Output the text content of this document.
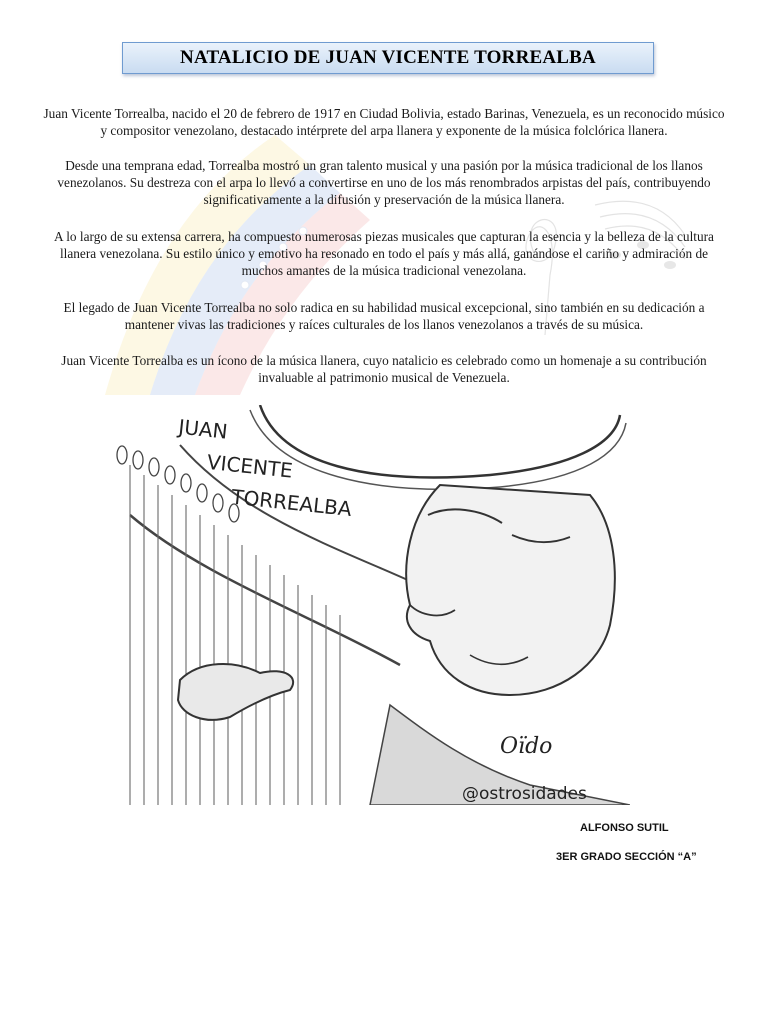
NATALICIO DE JUAN VICENTE TORREALBA

Juan Vicente Torrealba, nacido el 20 de febrero de 1917 en Ciudad Bolivia, estado Barinas, Venezuela, es un reconocido músico y compositor venezolano, destacado intérprete del arpa llanera y exponente de la música folclórica llanera.

Desde una temprana edad, Torrealba mostró un gran talento musical y una pasión por la música tradicional de los llanos venezolanos. Su destreza con el arpa lo llevó a convertirse en uno de los más renombrados arpistas del país, contribuyendo significativamente a la difusión y preservación de la música llanera.

A lo largo de su extensa carrera, ha compuesto numerosas piezas musicales que capturan la esencia y la belleza de la cultura llanera venezolana. Su estilo único y emotivo ha resonado en todo el país y más allá, ganándose el cariño y admiración de muchos amantes de la música tradicional venezolana.

El legado de Juan Vicente Torrealba no solo radica en su habilidad musical excepcional, sino también en su dedicación a mantener vivas las tradiciones y raíces culturales de los llanos venezolanos a través de su música.

Juan Vicente Torrealba es un ícono de la música llanera, cuyo natalicio es celebrado como un homenaje a su contribución invaluable al patrimonio musical de Venezuela.

JUAN
VICENTE
TORREALBA
Oïdo
@ostrosidades
ALFONSO SUTIL
3ER GRADO SECCIÓN “A”
